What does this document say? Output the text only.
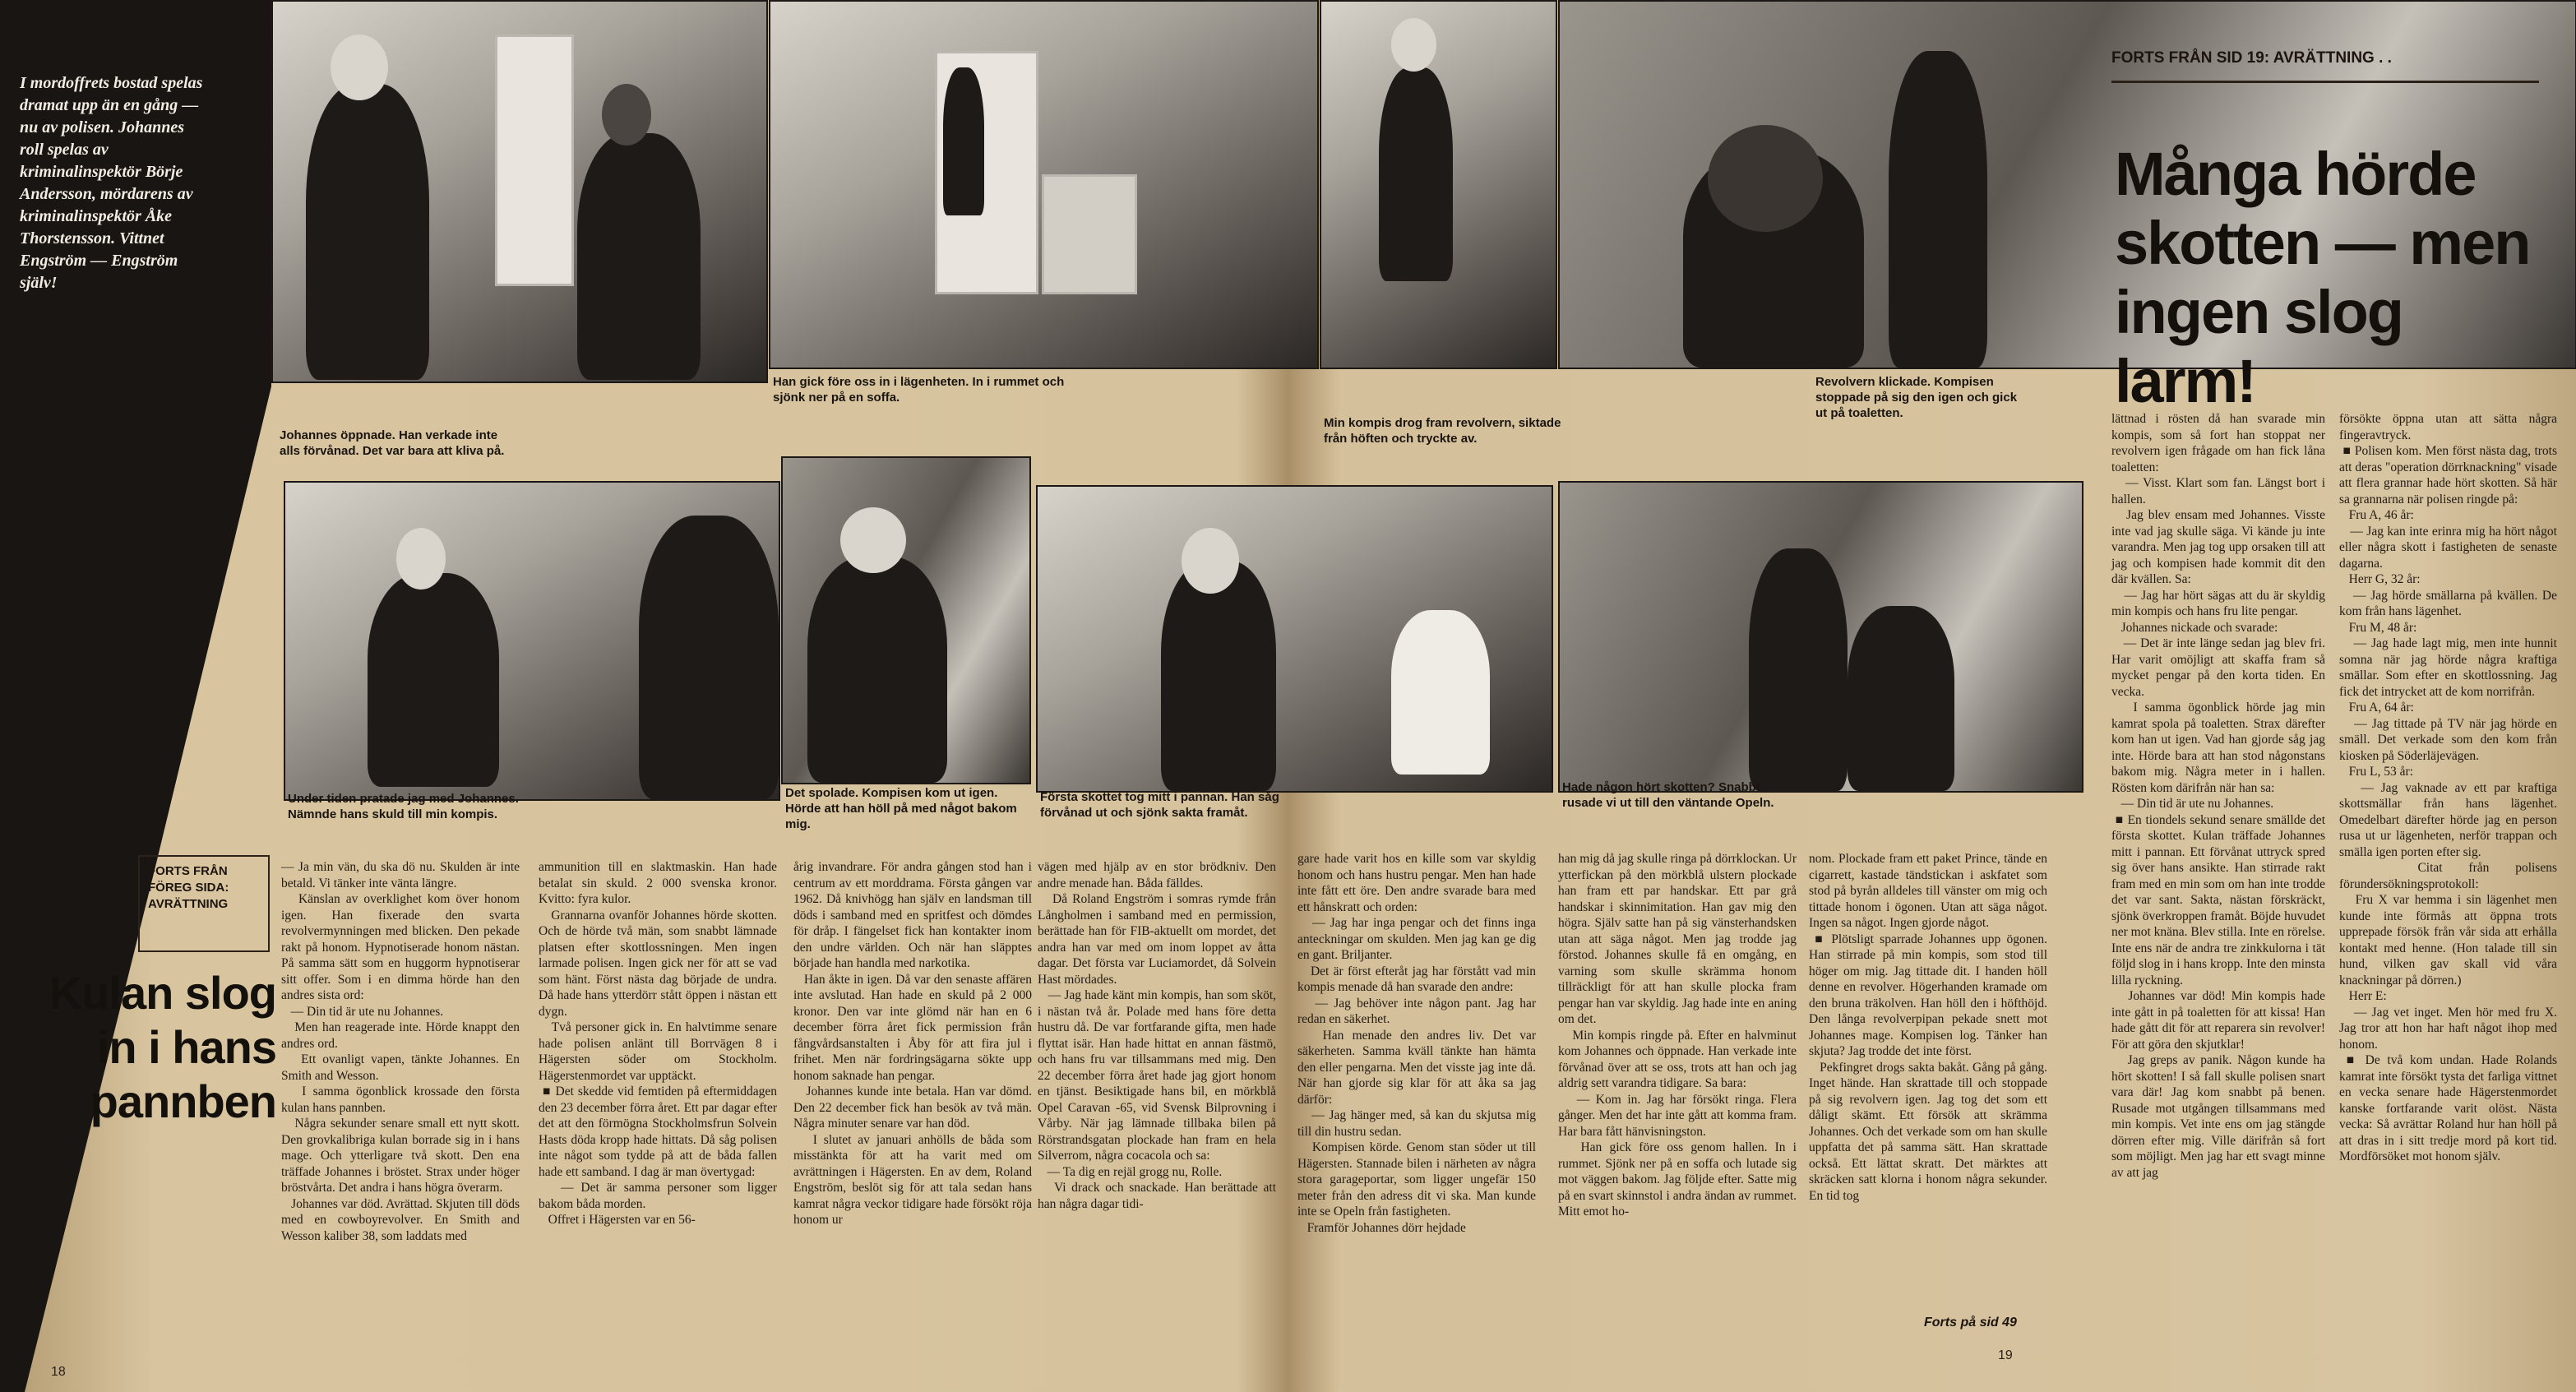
I mordoffrets bostad spelas dramat upp än en gång — nu av polisen. Johannes roll spelas av kriminalinspektör Börje Andersson, mördarens av kriminalinspektör Åke Thorstensson. Vittnet Engström — Engström själv!
Johannes öppnade. Han verkade inte alls förvånad. Det var bara att kliva på.
Han gick före oss in i lägenheten. In i rummet och sjönk ner på en soffa.
Under tiden pratade jag med Johannes. Nämnde hans skuld till min kompis.
Det spolade. Kompisen kom ut igen. Hörde att han höll på med något bakom mig.
FORTS FRÅN FÖREG SIDA: AVRÄTTNING
Kulan slog in i hans pannben
— Ja min vän, du ska dö nu. Skulden är inte betald. Vi tänker inte vänta längre.
Känslan av overklighet kom över honom igen. Han fixerade den svarta revolvermynningen med blicken. Den pekade rakt på honom. Hypnotiserade honom nästan. På samma sätt som en huggorm hypnotiserar sitt offer. Som i en dimma hörde han den andres sista ord:
— Din tid är ute nu Johannes.
Men han reagerade inte. Hörde knappt den andres ord.
Ett ovanligt vapen, tänkte Johannes. En Smith and Wesson.
I samma ögonblick krossade den första kulan hans pannben.
Några sekunder senare small ett nytt skott. Den grovkalibriga kulan borrade sig in i hans mage. Och ytterligare två skott. Den ena träffade Johannes i bröstet. Strax under höger bröstvårta. Det andra i hans högra överarm.
Johannes var död. Avrättad. Skjuten till döds med en cowboyrevolver. En Smith and Wesson kaliber 38, som laddats med
ammunition till en slaktmaskin. Han hade betalat sin skuld. 2 000 svenska kronor. Kvitto: fyra kulor.
Grannarna ovanför Johannes hörde skotten. Och de hörde två män, som snabbt lämnade platsen efter skottlossningen. Men ingen larmade polisen. Ingen gick ner för att se vad som hänt. Först nästa dag började de undra. Då hade hans ytterdörr stått öppen i nästan ett dygn.
Två personer gick in. En halvtimme senare hade polisen anlänt till Borrvägen 8 i Hägersten söder om Stockholm. Hägerstenmordet var upptäckt.
■ Det skedde vid femtiden på eftermiddagen den 23 december förra året. Ett par dagar efter det att den förmögna Stockholmsfrun Solvein Hasts döda kropp hade hittats. Då såg polisen inte något som tydde på att de båda fallen hade ett samband. I dag är man övertygad:
— Det är samma personer som ligger bakom båda morden.
Offret i Hägersten var en 56-
årig invandrare. För andra gången stod han i centrum av ett morddrama. Första gången var 1962. Då knivhögg han själv en landsman till döds i samband med en spritfest och dömdes för dråp. I fängelset fick han kontakter inom den undre världen. Och när han släpptes började han handla med narkotika.
Han åkte in igen. Då var den senaste affären inte avslutad. Han hade en skuld på 2 000 kronor. Den var inte glömd när han en 6 december förra året fick permission från fångvårdsanstalten i Åby för att fira jul i frihet. Men när fordringsägarna sökte upp honom saknade han pengar.
Johannes kunde inte betala. Han var dömd. Den 22 december fick han besök av två män. Några minuter senare var han död.
I slutet av januari anhölls de båda som misstänkta för att ha varit med om avrättningen i Hägersten. En av dem, Roland Engström, beslöt sig för att tala sedan hans kamrat några veckor tidigare hade försökt röja honom ur
18
Min kompis drog fram revolvern, siktade från höften och tryckte av.
Revolvern klickade. Kompisen stoppade på sig den igen och gick ut på toaletten.
Första skottet tog mitt i pannan. Han såg förvånad ut och sjönk sakta framåt.
Hade någon hört skotten? Snabbt rusade vi ut till den väntande Opeln.
vägen med hjälp av en stor brödkniv. Den andre menade han. Båda fälldes.
Då Roland Engström i somras rymde från Långholmen i samband med en permission, berättade han för FIB-aktuellt om mordet, det andra han var med om inom loppet av åtta dagar. Det första var Luciamordet, då Solvein Hast mördades.
— Jag hade känt min kompis, han som sköt, i nästan två år. Polade med hans före detta hustru då. De var fortfarande gifta, men hade flyttat isär. Han hade hittat en annan fästmö, och hans fru var tillsammans med mig. Den 22 december förra året hade jag gjort honom en tjänst. Besiktigade hans bil, en mörkblå Opel Caravan -65, vid Svensk Bilprovning i Vårby. När jag lämnade tillbaka bilen på Rörstrandsgatan plockade han fram en hela Silverrom, några cocacola och sa:
— Ta dig en rejäl grogg nu, Rolle.
Vi drack och snackade. Han berättade att han några dagar tidi-
gare hade varit hos en kille som var skyldig honom och hans hustru pengar. Men han hade inte fått ett öre. Den andre svarade bara med ett hånskratt och orden:
— Jag har inga pengar och det finns inga anteckningar om skulden. Men jag kan ge dig en gant. Briljanter.
Det är först efteråt jag har förstått vad min kompis menade då han svarade den andre:
— Jag behöver inte någon pant. Jag har redan en säkerhet.
Han menade den andres liv. Det var säkerheten. Samma kväll tänkte han hämta den eller pengarna. Men det visste jag inte då. När han gjorde sig klar för att åka sa jag därför:
— Jag hänger med, så kan du skjutsa mig till din hustru sedan.
Kompisen körde. Genom stan söder ut till Hägersten. Stannade bilen i närheten av några stora garageportar, som ligger ungefär 150 meter från den adress dit vi ska. Man kunde inte se Opeln från fastigheten.
Framför Johannes dörr hejdade
han mig då jag skulle ringa på dörrklockan. Ur ytterfickan på den mörkblå ulstern plockade han fram ett par handskar. Ett par grå handskar i skinnimitation. Han gav mig den högra. Själv satte han på sig vänsterhandsken utan att säga något. Men jag trodde jag förstod. Johannes skulle få en omgång, en varning som skulle skrämma honom tillräckligt för att han skulle plocka fram pengar han var skyldig. Jag hade inte en aning om det.
Min kompis ringde på. Efter en halvminut kom Johannes och öppnade. Han verkade inte förvånad över att se oss, trots att han och jag aldrig sett varandra tidigare. Sa bara:
— Kom in. Jag har försökt ringa. Flera gånger. Men det har inte gått att komma fram. Har bara fått hänvisningston.
Han gick före oss genom hallen. In i rummet. Sjönk ner på en soffa och lutade sig mot väggen bakom. Jag följde efter. Satte mig på en svart skinnstol i andra ändan av rummet. Mitt emot ho-
nom. Plockade fram ett paket Prince, tände en cigarrett, kastade tändstickan i askfatet som stod på byrån alldeles till vänster om mig och tittade honom i ögonen. Utan att säga något. Ingen sa något. Ingen gjorde något.
■ Plötsligt sparrade Johannes upp ögonen. Han stirrade på min kompis, som stod till höger om mig. Jag tittade dit. I handen höll denne en revolver. Högerhanden kramade om den bruna träkolven. Han höll den i höfthöjd. Den långa revolverpipan pekade snett mot Johannes mage. Kompisen log. Tänker han skjuta? Jag trodde det inte först.
Pekfingret drogs sakta bakåt. Gång på gång. Inget hände. Han skrattade till och stoppade på sig revolvern igen. Jag tog det som ett dåligt skämt. Ett försök att skrämma Johannes. Och det verkade som om han skulle uppfatta det på samma sätt. Han skrattade också. Ett lättat skratt. Det märktes att skräcken satt klorna i honom några sekunder. En tid tog
Forts på sid 49
19
FORTS FRÅN SID 19: AVRÄTTNING . .
Många hörde skotten — men ingen slog larm!
lättnad i rösten då han svarade min kompis, som så fort han stoppat ner revolvern igen frågade om han fick låna toaletten:
— Visst. Klart som fan. Längst bort i hallen.
Jag blev ensam med Johannes. Visste inte vad jag skulle säga. Vi kände ju inte varandra. Men jag tog upp orsaken till att jag och kompisen hade kommit dit den där kvällen. Sa:
— Jag har hört sägas att du är skyldig min kompis och hans fru lite pengar.
Johannes nickade och svarade:
— Det är inte länge sedan jag blev fri. Har varit omöjligt att skaffa fram så mycket pengar på den korta tiden. En vecka.
I samma ögonblick hörde jag min kamrat spola på toaletten. Strax därefter kom han ut igen. Vad han gjorde såg jag inte. Hörde bara att han stod någonstans bakom mig. Några meter in i hallen. Rösten kom därifrån när han sa:
— Din tid är ute nu Johannes.
■ En tiondels sekund senare smällde det första skottet. Kulan träffade Johannes mitt i pannan. Ett förvånat uttryck spred sig över hans ansikte. Han stirrade rakt fram med en min som om han inte trodde det var sant. Sakta, nästan förskräckt, sjönk överkroppen framåt. Böjde huvudet ner mot knäna. Blev stilla. Inte en rörelse. Inte ens när de andra tre zinkkulorna i tät följd slog in i hans kropp. Inte den minsta lilla ryckning.
Johannes var död! Min kompis hade inte gått in på toaletten för att kissa! Han hade gått dit för att reparera sin revolver! För att göra den skjutklar!
Jag greps av panik. Någon kunde ha hört skotten! I så fall skulle polisen snart vara där! Jag kom snabbt på benen. Rusade mot utgången tillsammans med min kompis. Vet inte ens om jag stängde dörren efter mig. Ville därifrån så fort som möjligt. Men jag har ett svagt minne av att jag
försökte öppna utan att sätta några fingeravtryck.
■ Polisen kom. Men först nästa dag, trots att deras "operation dörrknackning" visade att flera grannar hade hört skotten. Så här sa grannarna när polisen ringde på:
Fru A, 46 år:
— Jag kan inte erinra mig ha hört något eller några skott i fastigheten de senaste dagarna.
Herr G, 32 år:
— Jag hörde smällarna på kvällen. De kom från hans lägenhet.
Fru M, 48 år:
— Jag hade lagt mig, men inte hunnit somna när jag hörde några kraftiga smällar. Som efter en skottlossning. Jag fick det intrycket att de kom norrifrån.
Fru A, 64 år:
— Jag tittade på TV när jag hörde en smäll. Det verkade som den kom från kiosken på Söderläjevägen.
Fru L, 53 år:
— Jag vaknade av ett par kraftiga skottsmällar från hans lägenhet. Omedelbart därefter hörde jag en person rusa ut ur lägenheten, nerför trappan och smälla igen porten efter sig.
Citat från polisens förundersökningsprotokoll:
Fru X var hemma i sin lägenhet men kunde inte förmås att öppna trots upprepade försök från vår sida att erhålla kontakt med henne. (Hon talade till sin hund, vilken gav skall vid våra knackningar på dörren.)
Herr E:
— Jag vet inget. Men hör med fru X. Jag tror att hon har haft något ihop med honom.
■ De två kom undan. Hade Rolands kamrat inte försökt tysta det farliga vittnet en vecka senare hade Hägerstenmordet kanske fortfarande varit olöst. Nästa vecka: Så avrättar Roland hur han höll på att dras in i sitt tredje mord på kort tid. Mordförsöket mot honom själv.
